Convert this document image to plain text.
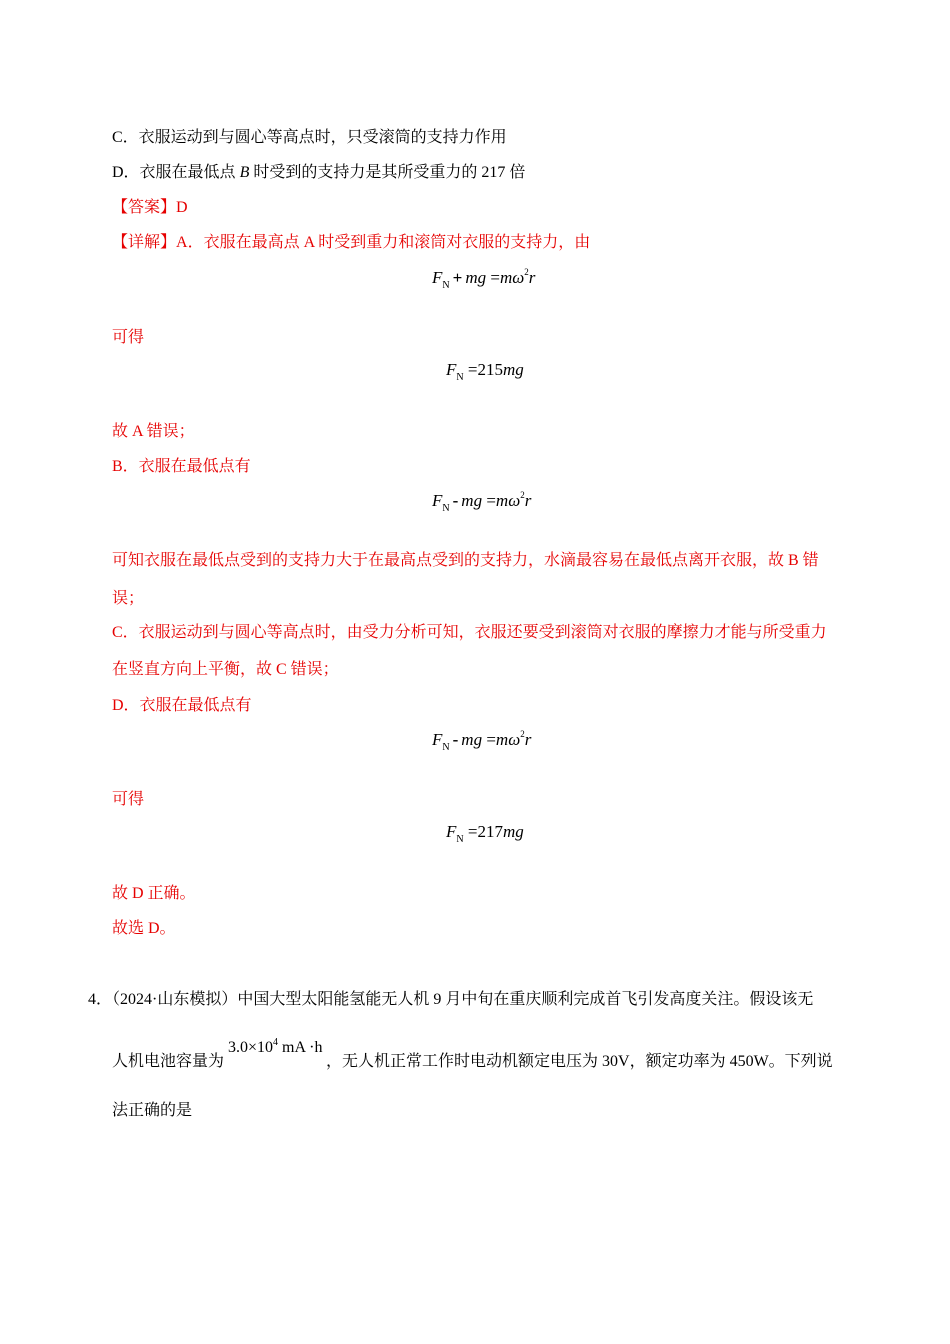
C．衣服运动到与圆心等高点时，只受滚筒的支持力作用
D．衣服在最低点 B 时受到的支持力是其所受重力的 217 倍
【答案】D
【详解】A．衣服在最高点 A 时受到重力和滚筒对衣服的支持力，由
$F_N$ + mg $=m\omega^2r$
可得
$F_N =215mg$
故 A 错误；
B．衣服在最低点有
$F_N$ - mg $=m\omega^2r$
可知衣服在最低点受到的支持力大于在最高点受到的支持力，水滴最容易在最低点离开衣服，故 B 错
误；
C．衣服运动到与圆心等高点时，由受力分析可知，衣服还要受到滚筒对衣服的摩擦力才能与所受重力
在竖直方向上平衡，故 C 错误；
D．衣服在最低点有
$F_N$ - mg $=m\omega^2r$
可得
$F_N =217mg$
故 D 正确。
故选 D。
4．（2024·山东模拟）中国大型太阳能氢能无人机 9 月中旬在重庆顺利完成首飞引发高度关注。假设该无
$3.0\times 10^4$ mA ·h
人机电池容量为	，无人机正常工作时电动机额定电压为 30V，额定功率为 450W。下列说
法正确的是
